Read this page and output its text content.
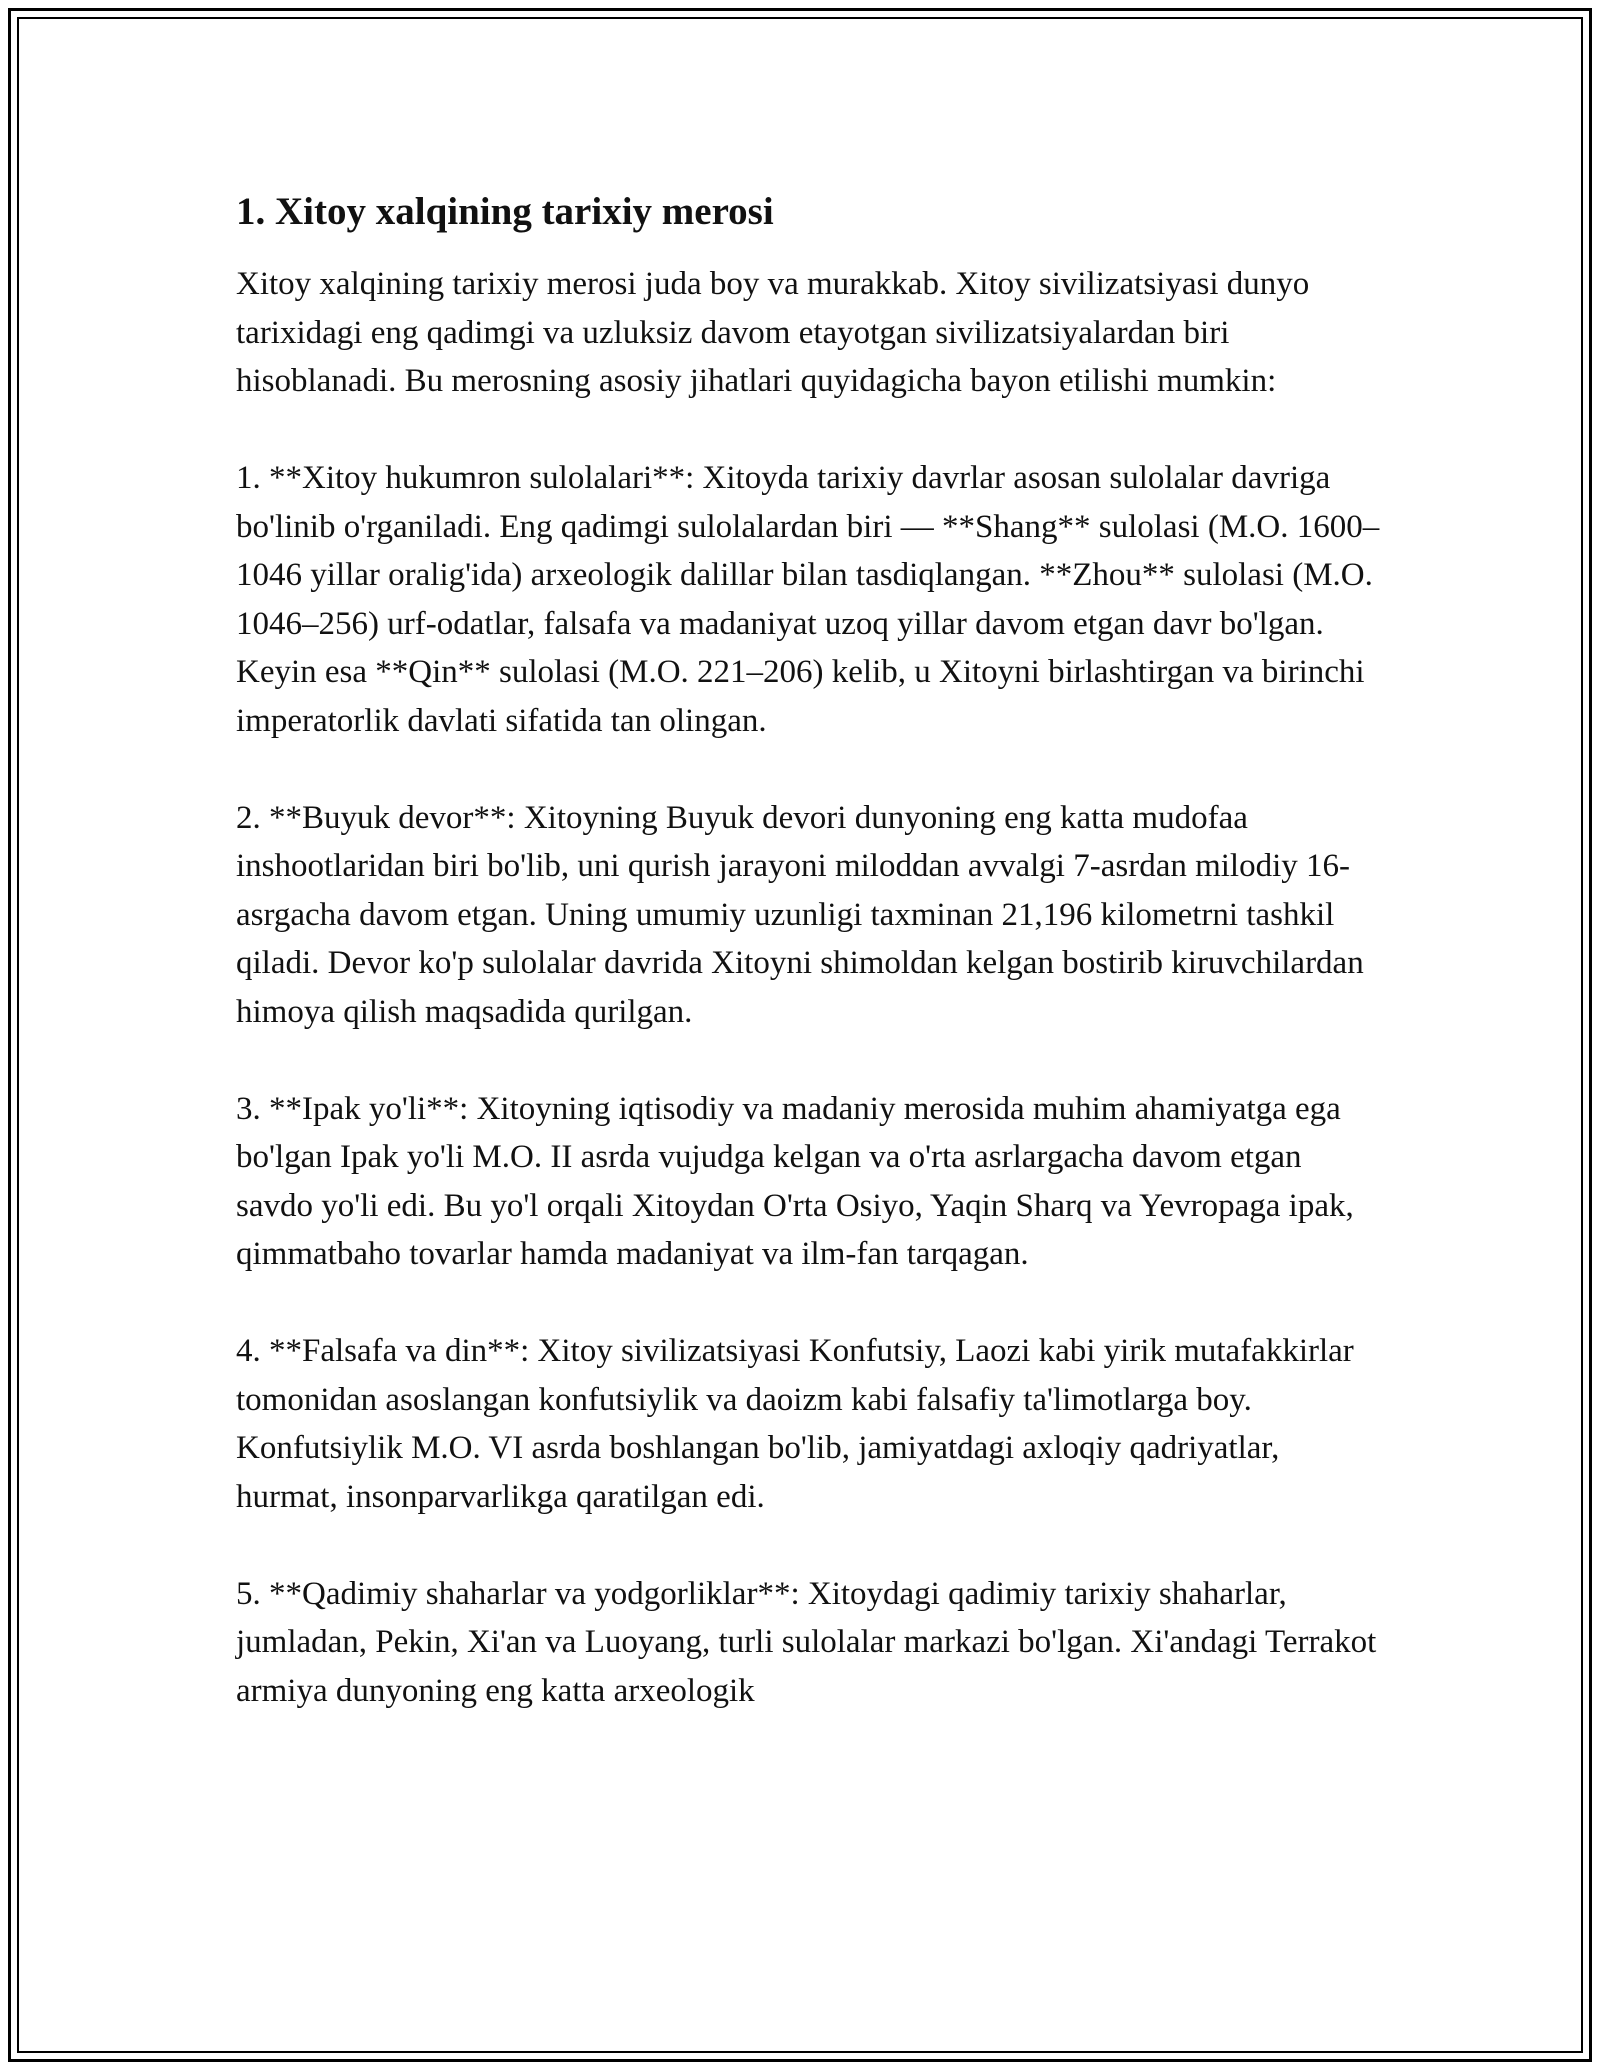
1. Xitoy xalqining tarixiy merosi

Xitoy xalqining tarixiy merosi juda boy va murakkab. Xitoy sivilizatsiyasi dunyo tarixidagi eng qadimgi va uzluksiz davom etayotgan sivilizatsiyalardan biri hisoblanadi. Bu merosning asosiy jihatlari quyidagicha bayon etilishi mumkin:

1. **Xitoy hukumron sulolalari**: Xitoyda tarixiy davrlar asosan sulolalar davriga bo'linib o'rganiladi. Eng qadimgi sulolalardan biri — **Shang** sulolasi (M.O. 1600–1046 yillar oralig'ida) arxeologik dalillar bilan tasdiqlangan. **Zhou** sulolasi (M.O. 1046–256) urf-odatlar, falsafa va madaniyat uzoq yillar davom etgan davr bo'lgan. Keyin esa **Qin** sulolasi (M.O. 221–206) kelib, u Xitoyni birlashtirgan va birinchi imperatorlik davlati sifatida tan olingan.

2. **Buyuk devor**: Xitoyning Buyuk devori dunyoning eng katta mudofaa inshootlaridan biri bo'lib, uni qurish jarayoni miloddan avvalgi 7-asrdan milodiy 16-asrgacha davom etgan. Uning umumiy uzunligi taxminan 21,196 kilometrni tashkil qiladi. Devor ko'p sulolalar davrida Xitoyni shimoldan kelgan bostirib kiruvchilardan himoya qilish maqsadida qurilgan.

3. **Ipak yo'li**: Xitoyning iqtisodiy va madaniy merosida muhim ahamiyatga ega bo'lgan Ipak yo'li M.O. II asrda vujudga kelgan va o'rta asrlargacha davom etgan savdo yo'li edi. Bu yo'l orqali Xitoydan O'rta Osiyo, Yaqin Sharq va Yevropaga ipak, qimmatbaho tovarlar hamda madaniyat va ilm-fan tarqagan.

4. **Falsafa va din**: Xitoy sivilizatsiyasi Konfutsiy, Laozi kabi yirik mutafakkirlar tomonidan asoslangan konfutsiylik va daoizm kabi falsafiy ta'limotlarga boy. Konfutsiylik M.O. VI asrda boshlangan bo'lib, jamiyatdagi axloqiy qadriyatlar, hurmat, insonparvarlikga qaratilgan edi.

5. **Qadimiy shaharlar va yodgorliklar**: Xitoydagi qadimiy tarixiy shaharlar, jumladan, Pekin, Xi'an va Luoyang, turli sulolalar markazi bo'lgan. Xi'andagi Terrakot armiya dunyoning eng katta arxeologik
